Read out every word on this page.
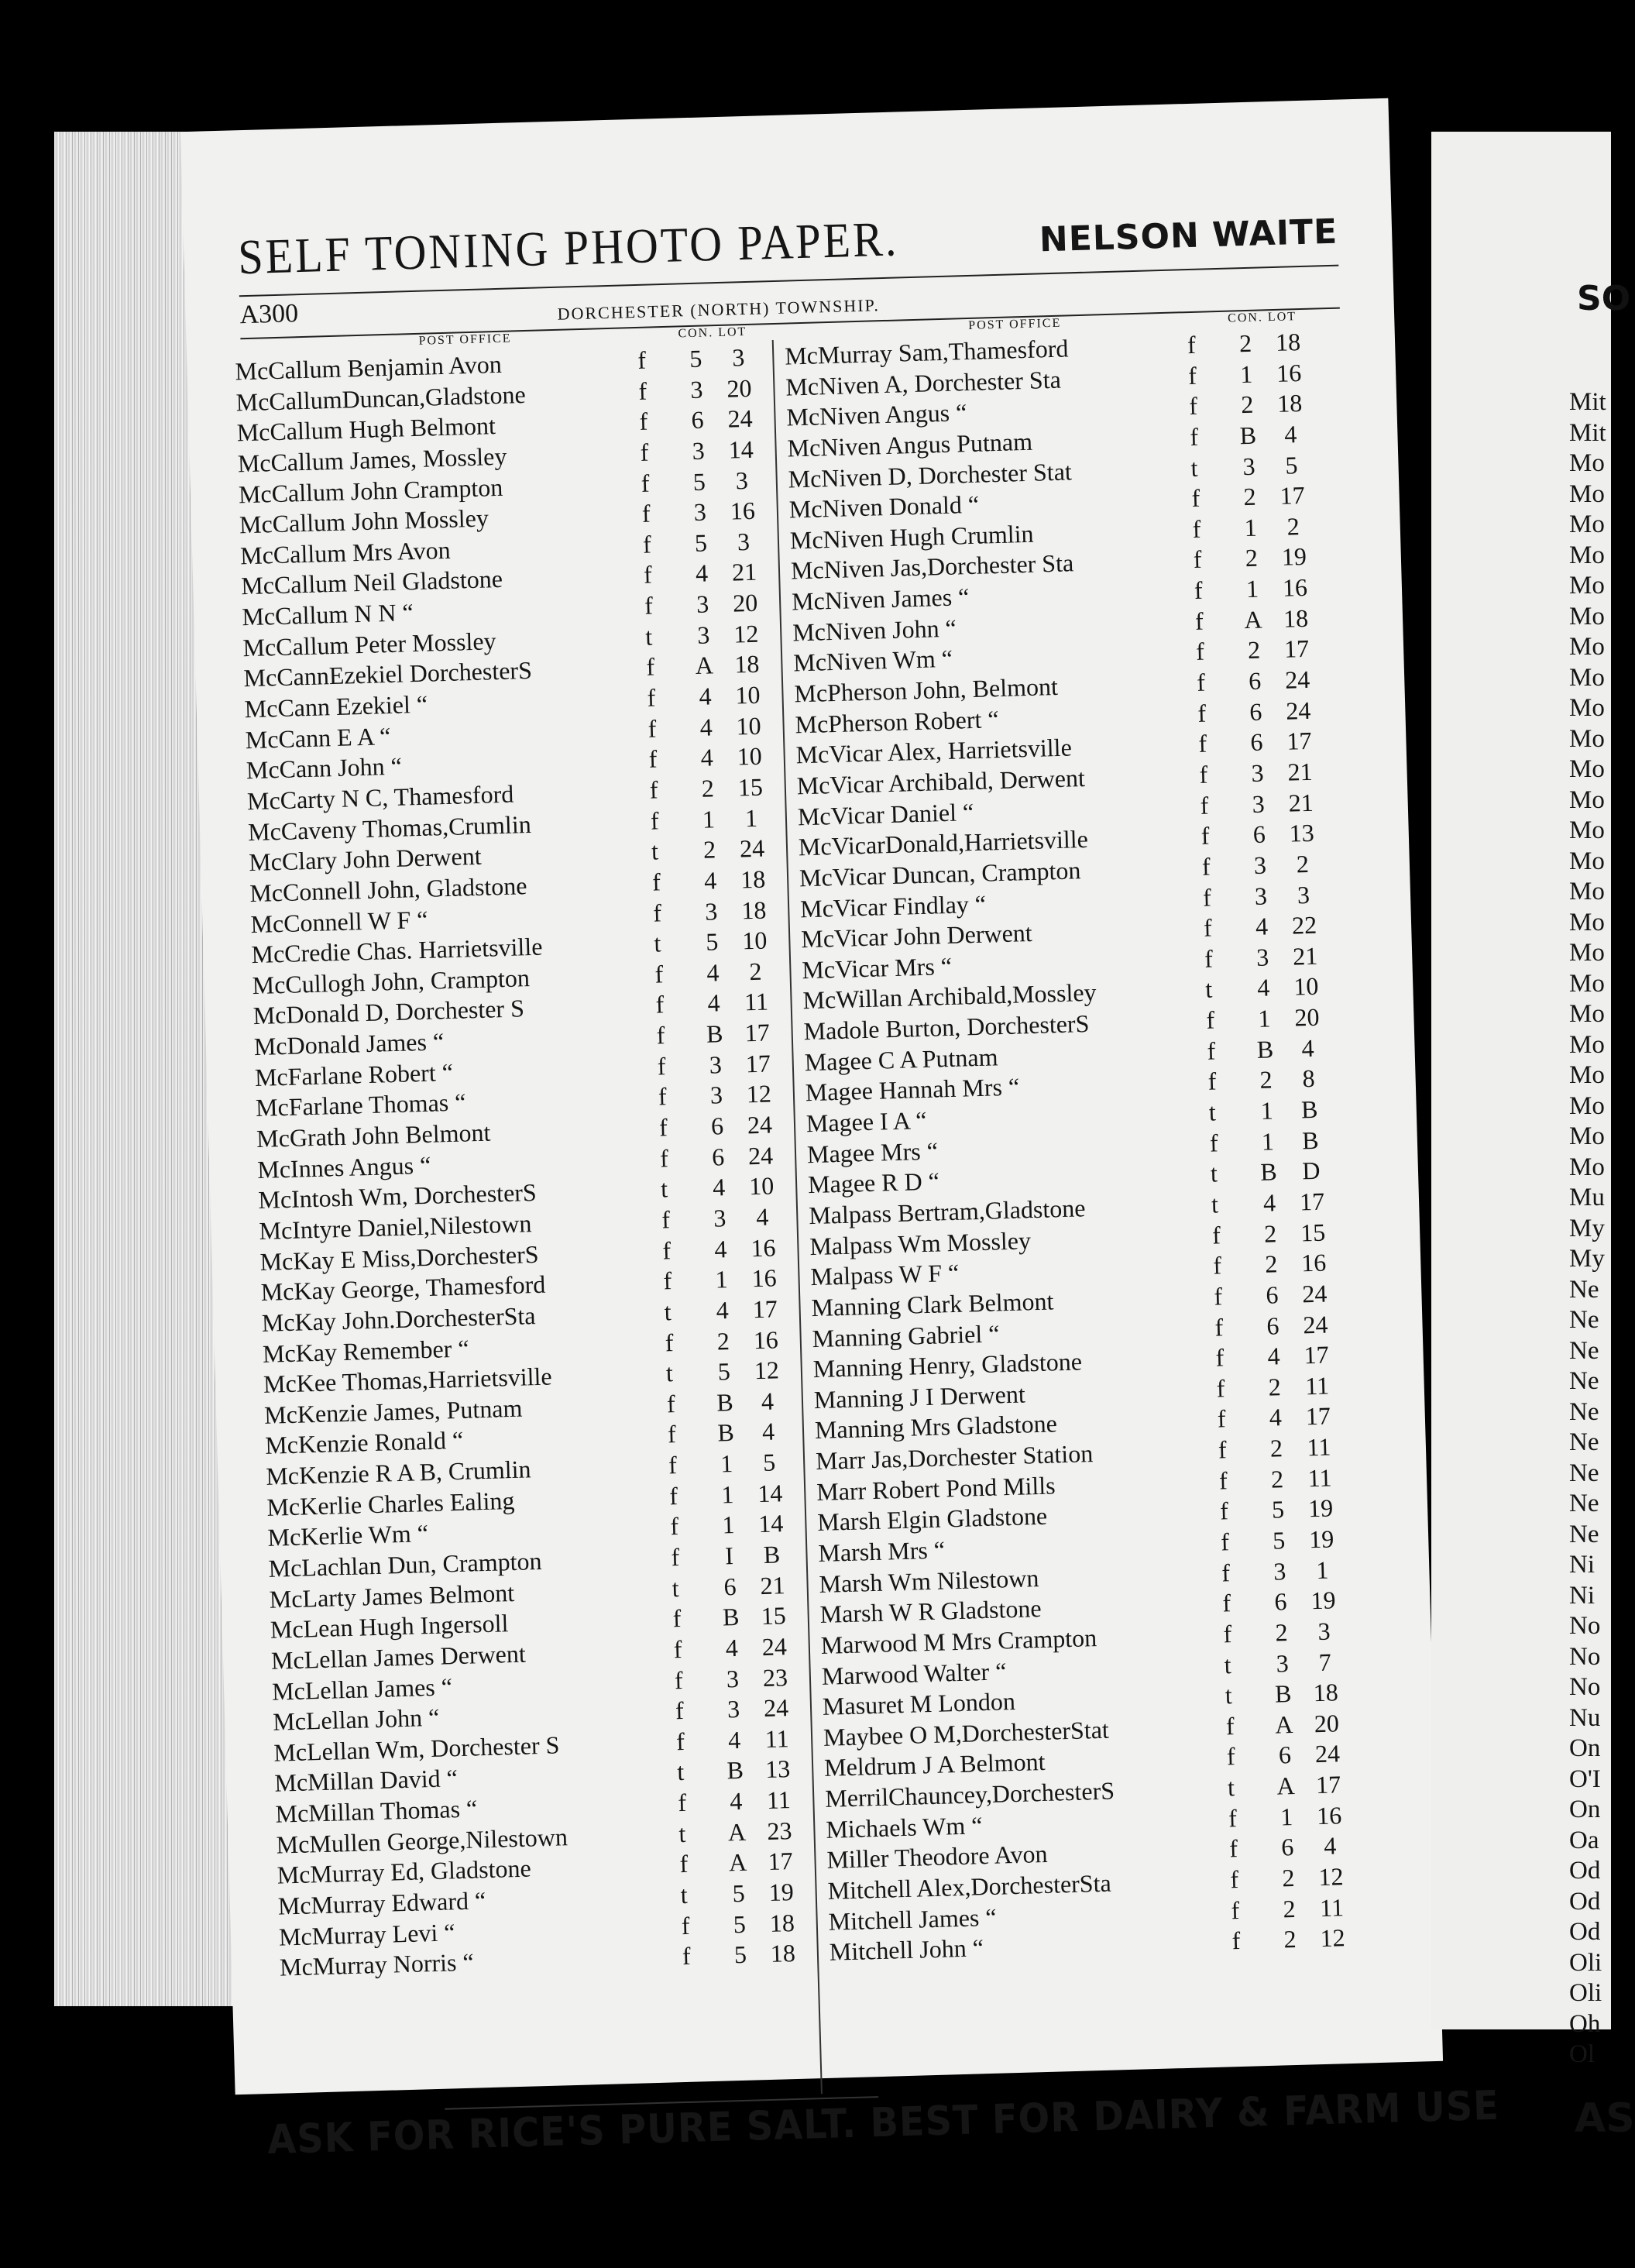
SELF TONING PHOTO PAPER.	NELSON WAITE
A300	DORCHESTER (NORTH) TOWNSHIP.
POST OFFICE	CON. LOT
POST OFFICE	CON. LOT
McCallum Benjamin Avon	f	5	3
McCallumDuncan,Gladstone	f	3 20
McCallum Hugh Belmont	f	6 24
McCallum James, Mossley	f	3 14
McCallum John Crampton	f	5	3
McCallum John Mossley	f	3 16
McCallum Mrs Avon	f	5	3
McCallum Neil Gladstone	f	4 21
McCallum N N “	f	3 20
McCallum Peter Mossley	t	3 12
McCannEzekiel DorchesterS	f A 18
McCann Ezekiel “	f	4 10
McCann E A “	f	4 10
McCann John “	f	4 10
McCarty N C, Thamesford	f	2 15
McCaveny Thomas,Crumlin	f	1	1
McClary John Derwent	t	2 24
McConnell John, Gladstone	f	4 18
McConnell W F “	f	3 18
McCredie Chas. Harrietsville	t	5 10
McCullogh John, Crampton	f	4	2
McDonald D, Dorchester S	f	4 11
McDonald James “	f B 17
McFarlane Robert “	f	3 17
McFarlane Thomas “	f	3 12
McGrath John Belmont	f	6 24
McInnes Angus “	f	6 24
McIntosh Wm, DorchesterS	t	4 10
McIntyre Daniel,Nilestown	f	3	4
McKay E Miss,DorchesterS	f	4 16
McKay George, Thamesford	f	1 16
McKay John.DorchesterSta	t	4 17
McKay Remember “	f	2 16
McKee Thomas,Harrietsville	t	5 12
McKenzie James, Putnam	f B	4
McKenzie Ronald “	f B	4
McKenzie R A B, Crumlin	f	1	5
McKerlie Charles Ealing	f	1 14
McKerlie Wm “	f	1 14
McLachlan Dun, Crampton	f	I	B
McLarty James Belmont	t	6 21
McLean Hugh Ingersoll	f B 15
McLellan James Derwent	f	4 24
McLellan James “	f	3 23
McLellan John “	f	3 24
McLellan Wm, Dorchester S	f	4 11
McMillan David “	t B 13
McMillan Thomas “	f	4 11
McMullen George,Nilestown	t A 23
McMurray Ed, Gladstone	f A 17
McMurray Edward “	t	5 19
McMurray Levi “	f	5 18
McMurray Norris “	f	5 18
McMurray Sam,Thamesford	f	2 18
McNiven A, Dorchester Sta	f	1 16
McNiven Angus “	f	2 18
McNiven Angus Putnam	f B	4
McNiven D, Dorchester Stat	t	3	5
McNiven Donald “	f	2 17
McNiven Hugh Crumlin	f	1	2
McNiven Jas,Dorchester Sta	f	2 19
McNiven James “	f	1 16
McNiven John “	f A 18
McNiven Wm “	f	2 17
McPherson John, Belmont	f	6 24
McPherson Robert “	f	6 24
McVicar Alex, Harrietsville	f	6 17
McVicar Archibald, Derwent	f	3 21
McVicar Daniel “	f	3 21
McVicarDonald,Harrietsville	f	6 13
McVicar Duncan, Crampton	f	3	2
McVicar Findlay “	f	3	3
McVicar John Derwent	f	4 22
McVicar Mrs “	f	3 21
McWillan Archibald,Mossley	t	4 10
Madole Burton, DorchesterS	f	1 20
Magee C A Putnam	f B	4
Magee Hannah Mrs “	f	2	8
Magee I A “	t	1	B
Magee Mrs “	f	1	B
Magee R D “	t B D
Malpass Bertram,Gladstone	t	4 17
Malpass Wm Mossley	f	2 15
Malpass W F “	f	2 16
Manning Clark Belmont	f	6 24
Manning Gabriel “	f	6 24
Manning Henry, Gladstone	f	4 17
Manning J I Derwent	f	2 11
Manning Mrs Gladstone	f	4 17
Marr Jas,Dorchester Station	f	2 11
Marr Robert Pond Mills	f	2 11
Marsh Elgin Gladstone	f	5 19
Marsh Mrs “	f	5 19
Marsh Wm Nilestown	f	3	1
Marsh W R Gladstone	f	6 19
Marwood M Mrs Crampton	f	2	3
Marwood Walter “	t	3	7
Masuret M London	t B 18
Maybee O M,DorchesterStat	f A 20
Meldrum J A Belmont	f	6 24
MerrilChauncey,DorchesterS	t A 17
Michaels Wm “	f	1 16
Miller Theodore Avon	f	6	4
Mitchell Alex,DorchesterSta	f	2 12
Mitchell James “	f	2 11
Mitchell John “	f	2 12
ASK FOR RICE'S PURE SALT. BEST FOR DAIRY & FARM USE
SO
Mit
Mit
Mo
Mo
Mo
Mo
Mo
Mo
Mo
Mo
Mo
Mo
Mo
Mo
Mo
Mo
Mo
Mo
Mo
Mo
Mo
Mo
Mo
Mo
Mo
Mo
Mu
My
My
Ne
Ne
Ne
Ne
Ne
Ne
Ne
Ne
Ne
Ni
Ni
No
No
No
Nu
On
O'I
On
Oa
Od
Od
Od
Oli
Oli
Oh
Ol
AS
